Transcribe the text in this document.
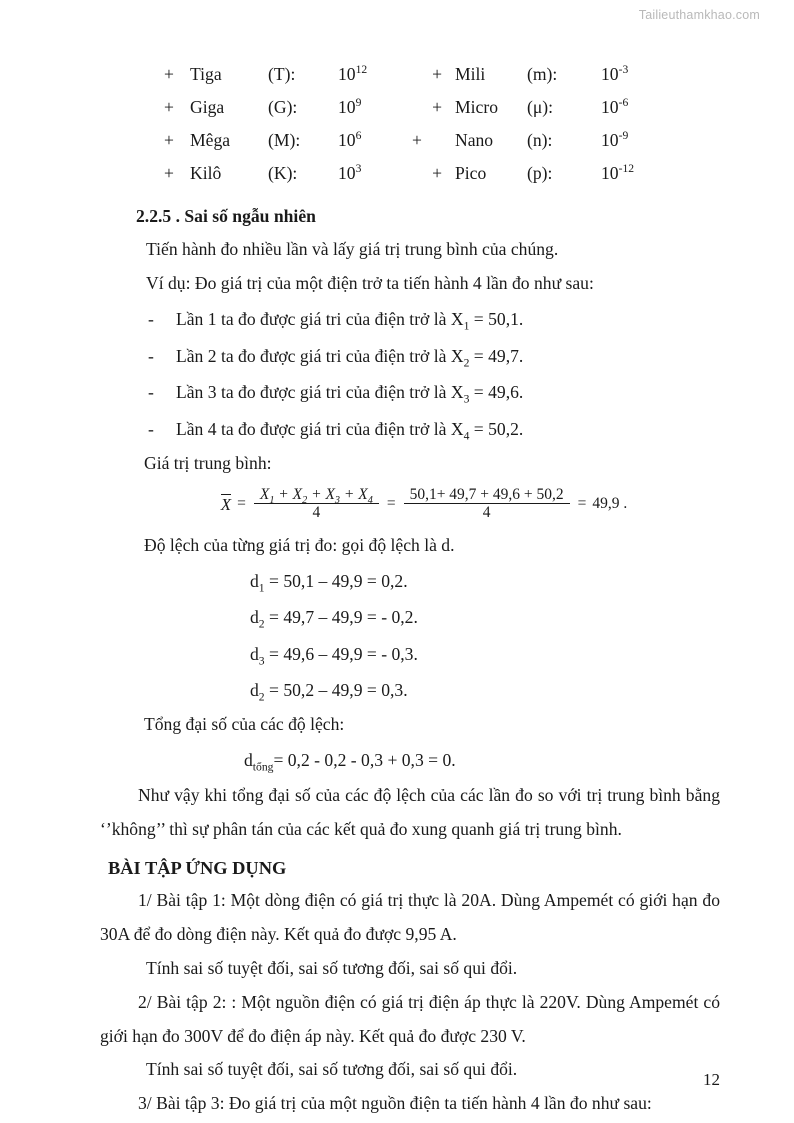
Tailieuthamkhao.com
+	Tiga	(T):	$10^{12}$	+	Mili	(m):	$10^{-3}$
+	Giga	(G):	$10^9$	+	Micro	(μ):	$10^{-6}$
+	Mêga	(M):	$10^6$	+	Nano	(n):	$10^{-9}$
+	Kilô	(K):	$10^3$	+	Pico	(p):	$10^{-12}$
2.2.5 . Sai số ngẫu nhiên

Tiến hành đo nhiều lần và lấy giá trị trung bình của chúng.

Ví dụ: Đo giá trị của một điện trở ta tiến hành 4 lần đo như sau:

- Lần 1 ta đo được giá tri của điện trở là $X_1 = 50,1$.
- Lần 2 ta đo được giá tri của điện trở là $X_2 = 49,7$.
- Lần 3 ta đo được giá tri của điện trở là $X_3 = 49,6$.
- Lần 4 ta đo được giá tri của điện trở là $X_4 = 50,2$.

Giá trị trung bình:

$X = \frac{X_1 + X_2 + X_3 + X_4}{4} = \frac{50,1+ 49,7 + 49,6 + 50,2}{4} = 49,9$ .

Độ lệch của từng giá trị đo: gọi độ lệch là d.

$d_1 = 50,1 - 49,9 = 0,2$.

$d_2 = 49,7 - 49,9$ = - 0,2.

$d_3 = 49,6 - 49,9$ = - 0,3.

$d_2 = 50,2 - 49,9 = 0,3$.

Tổng đại số của các độ lệch:

$d_{tổng}= 0,2 - 0,2 - 0,3 + 0,3 = 0$.

Như vậy khi tổng đại số của các độ lệch của các lần đo so với trị trung bình bằng ‘’không’’ thì sự phân tán của các kết quả đo xung quanh giá trị trung bình.

BÀI TẬP ỨNG DỤNG

1/ Bài tập 1: Một dòng điện có giá trị thực là 20A. Dùng Ampemét có giới hạn đo 30A để đo dòng điện này. Kết quả đo được 9,95 A.

Tính sai số tuyệt đối, sai số tương đối, sai số qui đổi.

2/ Bài tập 2: : Một nguồn điện có giá trị điện áp thực là 220V. Dùng Ampemét có giới hạn đo 300V để đo điện áp này. Kết quả đo được 230 V.

Tính sai số tuyệt đối, sai số tương đối, sai số qui đổi.

3/ Bài tập 3: Đo giá trị của một nguồn điện ta tiến hành 4 lần đo như sau:

12
